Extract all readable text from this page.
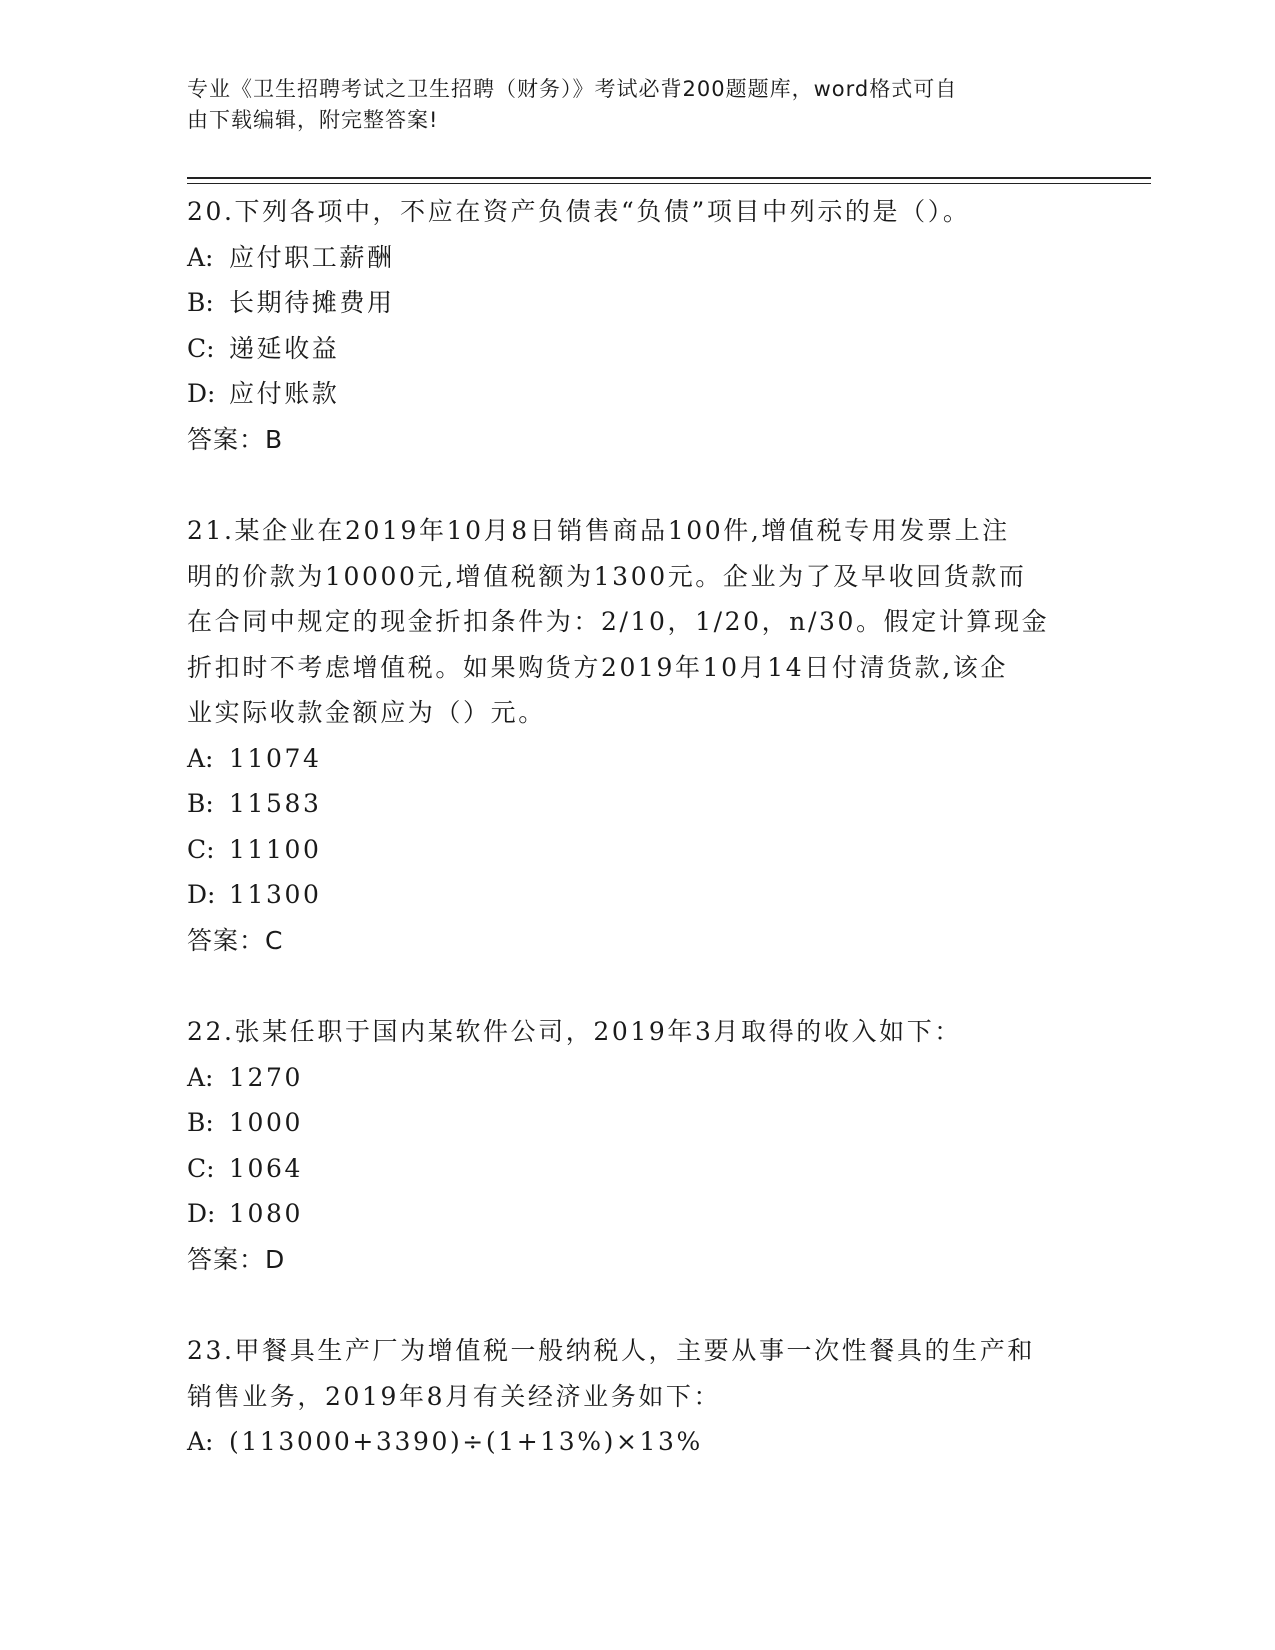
专业《卫生招聘考试之卫生招聘（财务）》考试必背200题题库，word格式可自
由下载编辑，附完整答案!
20.下列各项中，不应在资产负债表“负债”项目中列示的是（）。
A: 应付职工薪酬
B: 长期待摊费用
C: 递延收益
D: 应付账款
答案：B
21.某企业在2019年10月8日销售商品100件,增值税专用发票上注
明的价款为10000元,增值税额为1300元。企业为了及早收回货款而
在合同中规定的现金折扣条件为：2/10，1/20，n/30。假定计算现金
折扣时不考虑增值税。如果购货方2019年10月14日付清货款,该企
业实际收款金额应为（）元。
A: 11074
B: 11583
C: 11100
D: 11300
答案：C
22.张某任职于国内某软件公司，2019年3月取得的收入如下：
A: 1270
B: 1000
C: 1064
D: 1080
答案：D
23.甲餐具生产厂为增值税一般纳税人，主要从事一次性餐具的生产和
销售业务，2019年8月有关经济业务如下：
A: (113000+3390)÷(1+13%)×13%
